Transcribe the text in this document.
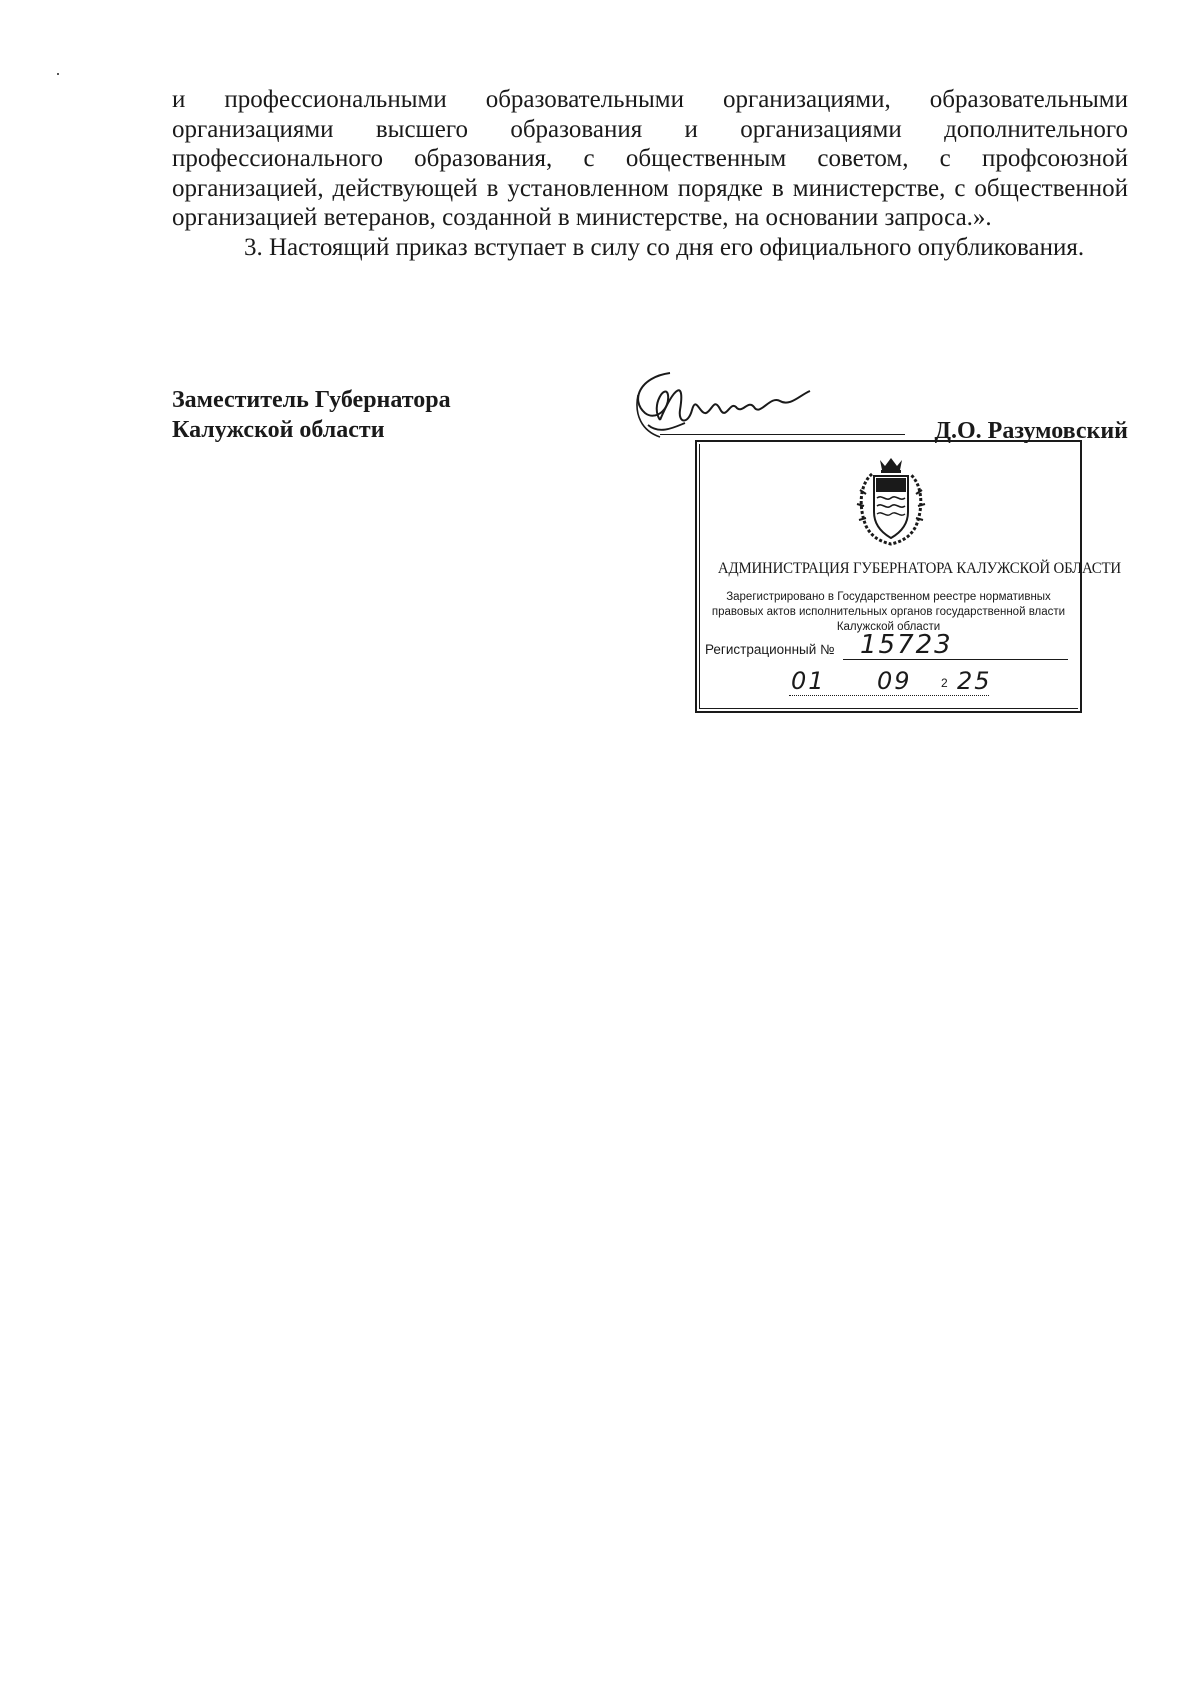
и профессиональными образовательными организациями, образовательными организациями высшего образования и организациями дополнительного профессионального образования, с общественным советом, с профсоюзной организацией, действующей в установленном порядке в министерстве, с общественной организацией ветеранов, созданной в министерстве, на основании запроса.».

3. Настоящий приказ вступает в силу со дня его официального опубликования.

Заместитель Губернатора
Калужской области	Д.О. Разумовский
АДМИНИСТРАЦИЯ ГУБЕРНАТОРА КАЛУЖСКОЙ ОБЛАСТИ
Зарегистрировано в Государственном реестре нормативных
правовых актов исполнительных органов государственной власти
Калужской области
Регистрационный № 15723
01 09 2 25
